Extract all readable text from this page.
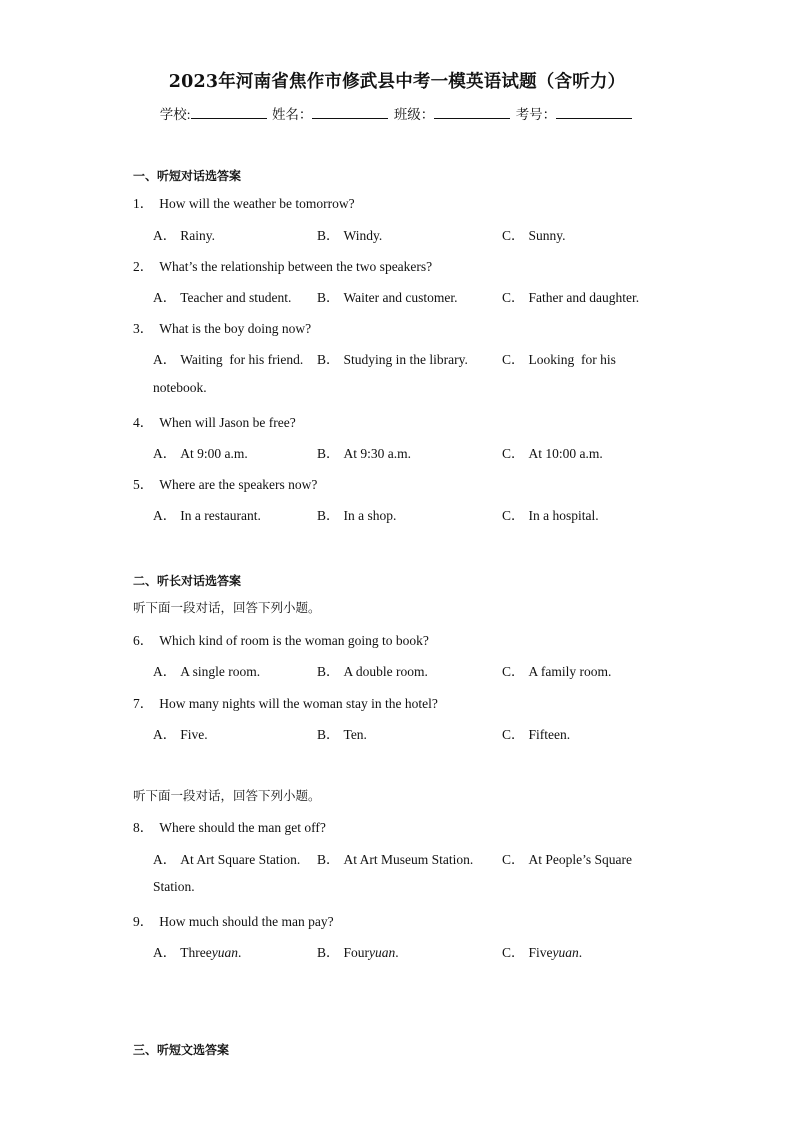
2023年河南省焦作市修武县中考一模英语试题（含听力）
学校:	姓名：	班级：	考号：
一、听短对话选答案
1． How will the weather be tomorrow?
A． Rainy.	B． Windy.	C． Sunny.
2． What’s the relationship between the two speakers?
A． Teacher and student. B． Waiter and customer.	C． Father and daughter.
3． What is the boy doing now?
A． Waiting  for his friend. B． Studying in the library.	C． Looking  for his
notebook.
4． When will Jason be free?
A． At 9:00 a.m.	B． At 9:30 a.m.	C． At 10:00 a.m.
5． Where are the speakers now?
A． In a restaurant.	B． In a shop.	C． In a hospital.
二、听长对话选答案
听下面一段对话，回答下列小题。
6． Which kind of room is the woman going to book?
A． A single room.	B． A double room.	C． A family room.
7． How many nights will the woman stay in the hotel?
A． Five.	B． Ten.	C． Fifteen.
听下面一段对话，回答下列小题。
8． Where should the man get off?
A． At Art Square Station. B． At Art Museum Station. C． At People’s Square
Station.
9． How much should the man pay?
A． Threeyuan.	B． Fouryuan.	C． Fiveyuan.
三、听短文选答案
